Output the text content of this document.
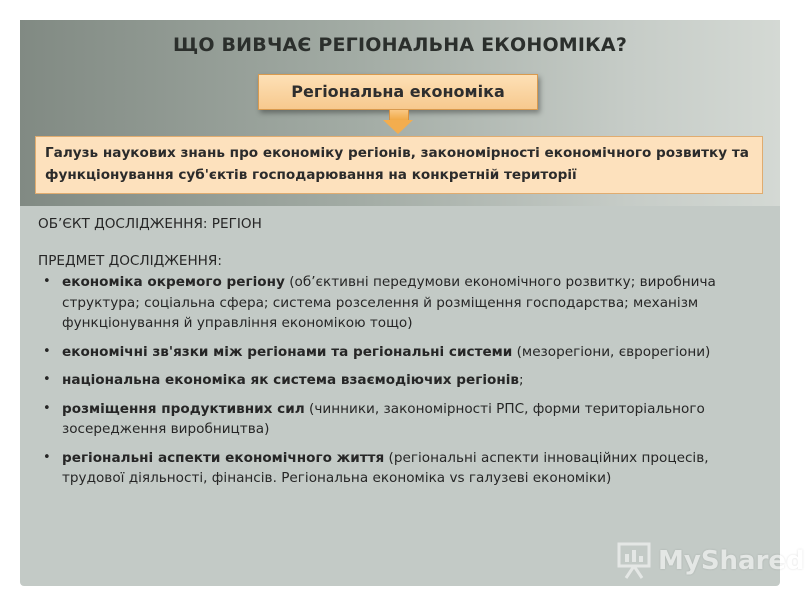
ЩО ВИВЧАЄ РЕГІОНАЛЬНА ЕКОНОМІКА?
Регіональна економіка
Галузь наукових знань про економіку регіонів, закономірності економічного розвитку та функціонування суб'єктів господарювання на конкретній території

ОБ’ЄКТ ДОСЛІДЖЕННЯ: РЕГІОН

ПРЕДМЕТ ДОСЛІДЖЕННЯ:

• економіка окремого регіону (об’єктивні передумови економічного розвитку; виробнича структура; соціальна сфера; система розселення й розміщення господарства; механізм функціонування й управління економікою тощо)
• економічні зв'язки між регіонами та регіональні системи (мезорегіони, єврорегіони)
• національна економіка як система взаємодіючих регіонів;
• розміщення продуктивних сил (чинники, закономірності РПС, форми територіального зосередження виробництва)
• регіональні аспекти економічного життя (регіональні аспекти інноваційних процесів, трудової діяльності, фінансів. Регіональна економіка vs галузеві економіки)
MyShared
